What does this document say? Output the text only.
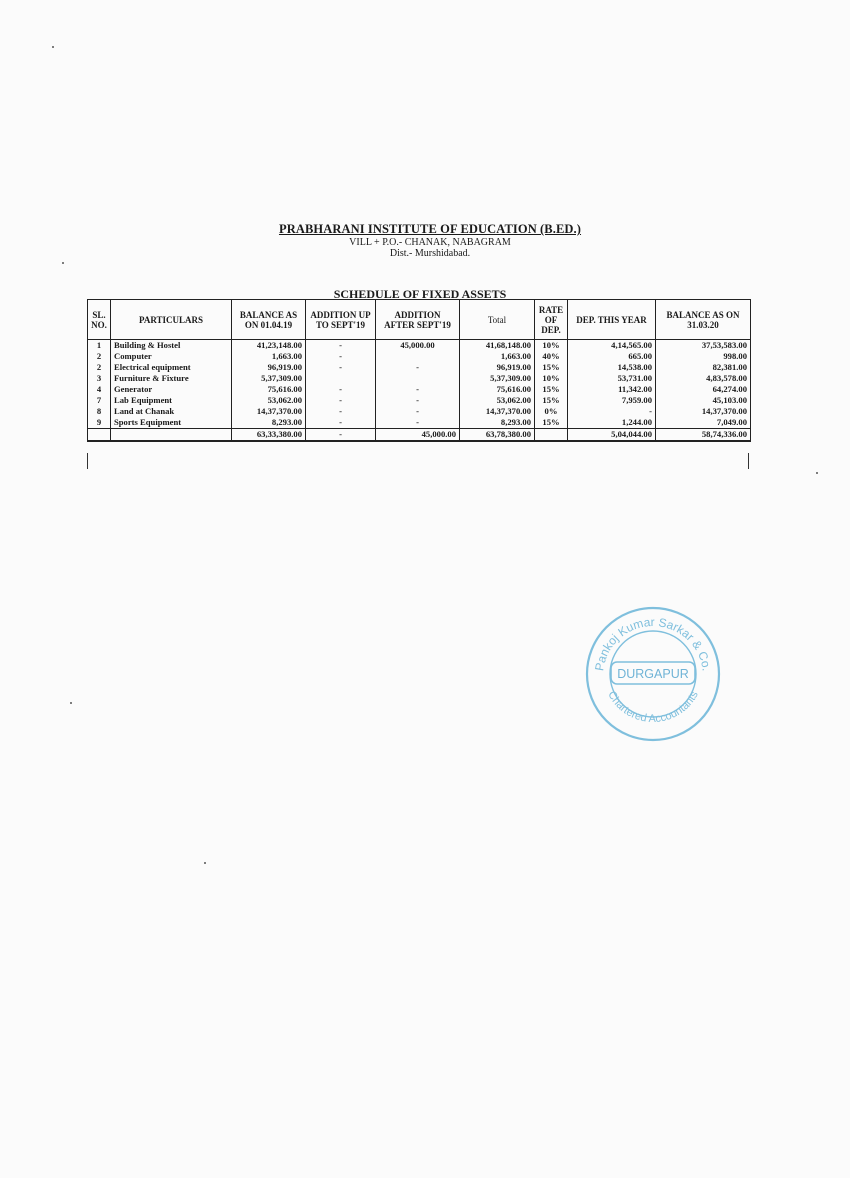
PRABHARANI INSTITUTE OF EDUCATION (B.ED.)
VILL + P.O.- CHANAK, NABAGRAM
Dist.- Murshidabad.
SCHEDULE OF FIXED ASSETS
SL. NO.	PARTICULARS	BALANCE AS ON 01.04.19	ADDITION UP TO SEPT'19	ADDITION AFTER SEPT'19	Total	RATE OF DEP.	DEP. THIS YEAR	BALANCE AS ON 31.03.20
1	Building & Hostel	41,23,148.00	-	45,000.00	41,68,148.00	10%	4,14,565.00	37,53,583.00
2	Computer	1,663.00	-		1,663.00	40%	665.00	998.00
2	Electrical equipment	96,919.00	-	-	96,919.00	15%	14,538.00	82,381.00
3	Furniture & Fixture	5,37,309.00			5,37,309.00	10%	53,731.00	4,83,578.00
4	Generator	75,616.00	-	-	75,616.00	15%	11,342.00	64,274.00
7	Lab Equipment	53,062.00	-	-	53,062.00	15%	7,959.00	45,103.00
8	Land at Chanak	14,37,370.00	-	-	14,37,370.00	0%	-	14,37,370.00
9	Sports Equipment	8,293.00	-	-	8,293.00	15%	1,244.00	7,049.00
		63,33,380.00	-	45,000.00	63,78,380.00		5,04,044.00	58,74,336.00
Pankoj Kumar Sarkar & Co.
DURGAPUR
Chartered Accountants
